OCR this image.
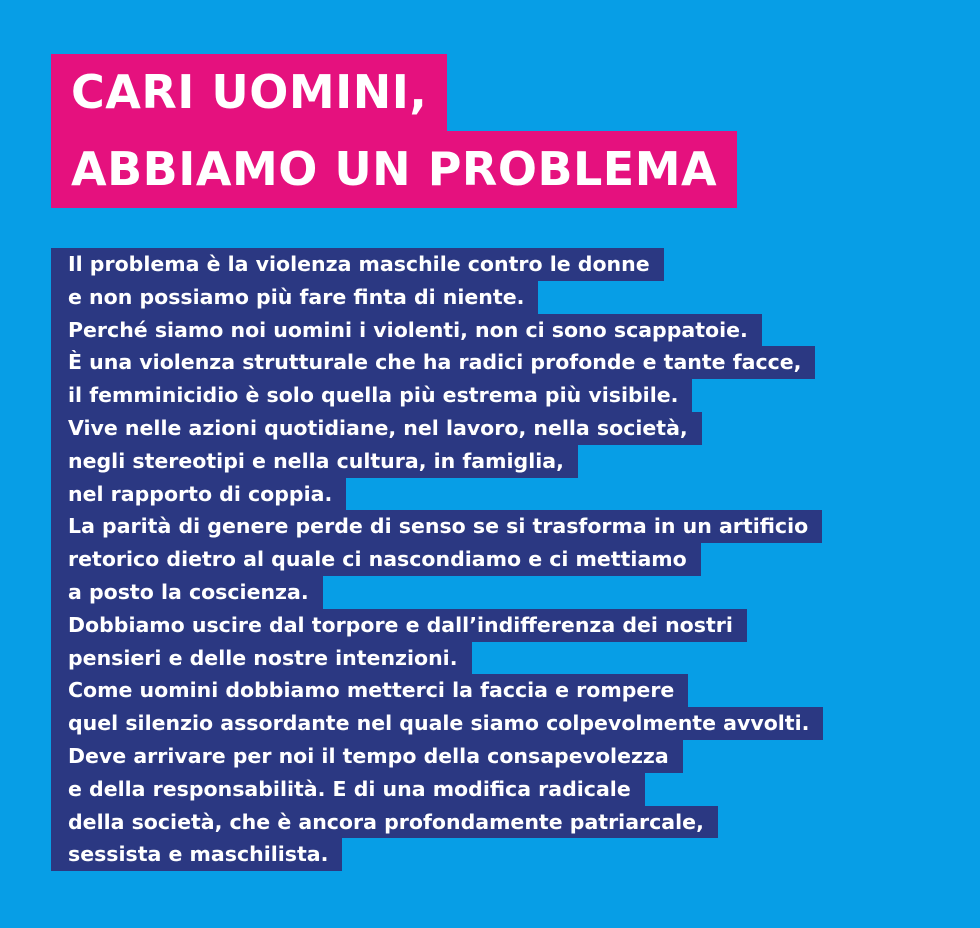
CARI UOMINI,
ABBIAMO UN PROBLEMA
Il problema è la violenza maschile contro le donne
e non possiamo più fare finta di niente.
Perché siamo noi uomini i violenti, non ci sono scappatoie.
È una violenza strutturale che ha radici profonde e tante facce,
il femminicidio è solo quella più estrema più visibile.
Vive nelle azioni quotidiane, nel lavoro, nella società,
negli stereotipi e nella cultura, in famiglia,
nel rapporto di coppia.
La parità di genere perde di senso se si trasforma in un artificio
retorico dietro al quale ci nascondiamo e ci mettiamo
a posto la coscienza.
Dobbiamo uscire dal torpore e dall’indifferenza dei nostri
pensieri e delle nostre intenzioni.
Come uomini dobbiamo metterci la faccia e rompere
quel silenzio assordante nel quale siamo colpevolmente avvolti.
Deve arrivare per noi il tempo della consapevolezza
e della responsabilità. E di una modifica radicale
della società, che è ancora profondamente patriarcale,
sessista e maschilista.
